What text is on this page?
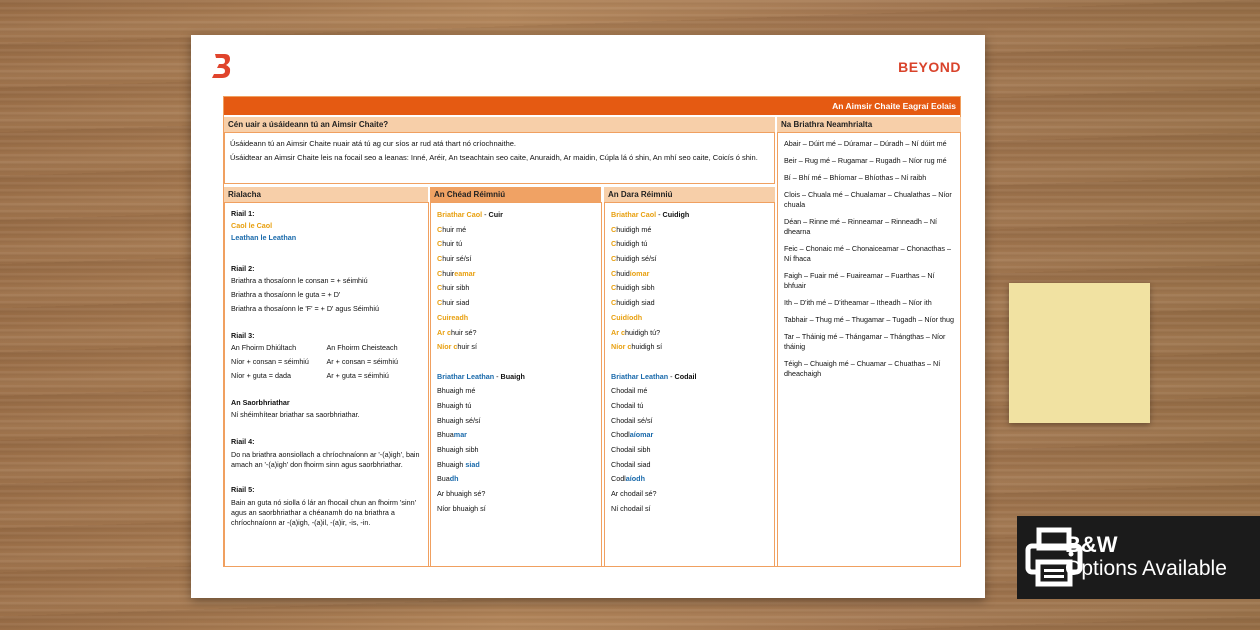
BEYOND
An Aimsir Chaite Eagraí Eolais
Cén uair a úsáideann tú an Aimsir Chaite?

Úsáideann tú an Aimsir Chaite nuair atá tú ag cur síos ar rud atá thart nó críochnaithe.

Úsáidtear an Aimsir Chaite leis na focail seo a leanas: Inné, Aréir, An tseachtain seo caite, Anuraidh, Ar maidin, Cúpla lá ó shin, An mhí seo caite, Coicís ó shin.

Na Briathra Neamhrialta
Abair – Dúirt mé – Dúramar – Dúradh – Ní dúirt mé
Beir – Rug mé – Rugamar – Rugadh – Níor rug mé
Bí – Bhí mé – Bhíomar – Bhíothas – Ní raibh
Clois – Chuala mé – Chualamar – Chualathas – Níor chuala
Déan – Rinne mé – Rinneamar – Rinneadh – Ní dhearna
Feic – Chonaic mé – Chonaiceamar – Chonacthas – Ní fhaca
Faigh – Fuair mé – Fuaireamar – Fuarthas – Ní bhfuair
Ith – D'ith mé – D'itheamar – Itheadh – Níor ith
Tabhair – Thug mé – Thugamar – Tugadh – Níor thug
Tar – Tháinig mé – Thángamar – Thángthas – Níor tháinig
Téigh – Chuaigh mé – Chuamar – Chuathas – Ní dheachaigh
Rialacha
Riail 1:
Caol le Caol
Leathan le Leathan
Riail 2:
Briathra a thosaíonn le consan = + séimhiú
Briathra a thosaíonn le guta = + D'
Briathra a thosaíonn le 'F' = + D' agus Séimhiú
Riail 3:
An Fhoirm Dhiúltach	An Fhoirm Cheisteach
Níor + consan = séimhiú	Ar + consan = séimhiú
Níor + guta = dada	Ar + guta = séimhiú
An Saorbhriathar
Ní shéimhítear briathar sa saorbhriathar.
Riail 4:
Do na briathra aonsiollach a chríochnaíonn ar '-(a)igh', bain amach an '-(a)igh' don fhoirm sinn agus saorbhriathar.
Riail 5:
Bain an guta nó siolla ó lár an fhocail chun an fhoirm 'sinn' agus an saorbhriathar a chéanamh do na briathra a chríochnaíonn ar -(a)igh, -(a)il, -(a)ir, -is, -in.
An Chéad Réimniú
Briathar Caol - Cuir
Chuir mé
Chuir tú
Chuir sé/sí
Chuireamar
Chuir sibh
Chuir siad
Cuireadh
Ar chuir sé?
Níor chuir sí
Briathar Leathan - Buaigh
Bhuaigh mé
Bhuaigh tú
Bhuaigh sé/sí
Bhuamar
Bhuaigh sibh
Bhuaigh siad
Buadh
Ar bhuaigh sé?
Níor bhuaigh sí
An Dara Réimniú
Briathar Caol - Cuidigh
Chuidigh mé
Chuidigh tú
Chuidigh sé/sí
Chuidíomar
Chuidigh sibh
Chuidigh siad
Cuidíodh
Ar chuidigh tú?
Níor chuidigh sí
Briathar Leathan - Codail
Chodail mé
Chodail tú
Chodail sé/sí
Chodlaíomar
Chodail sibh
Chodail siad
Codlaíodh
Ar chodail sé?
Ní chodail sí
B&W
Options Available
